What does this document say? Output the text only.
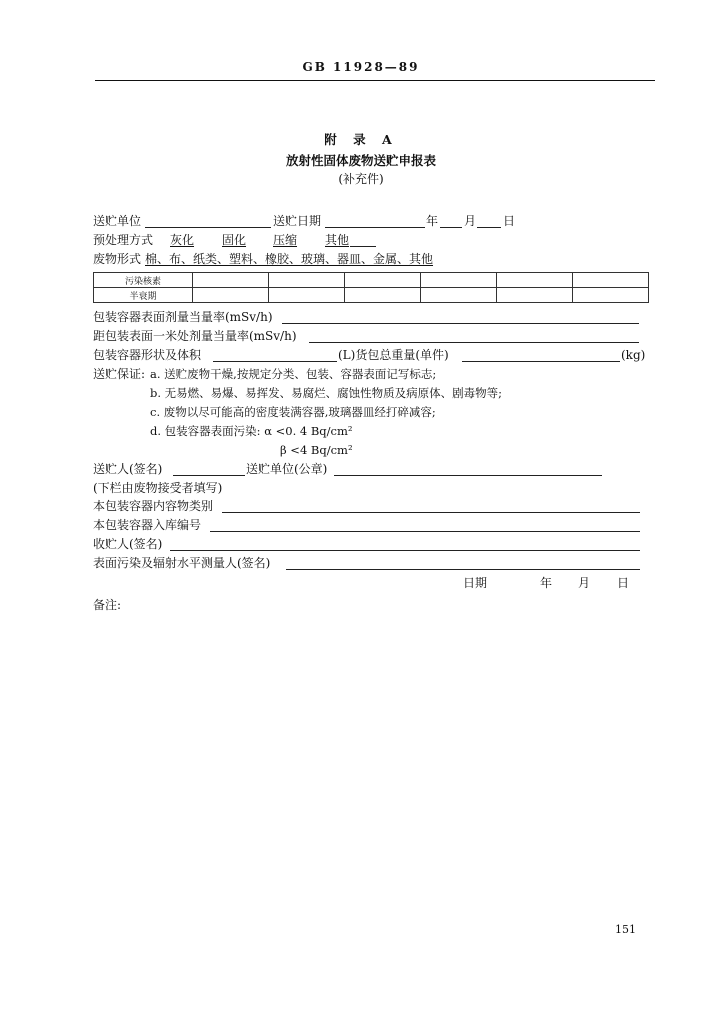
GB 11928—89
附 录 A
放射性固体废物送贮申报表
(补充件)
送贮单位	送贮日期	年 月 日
预处理方式 灰化 固化 压缩 其他
废物形式 棉、布、纸类、塑料、橡胶、玻璃、器皿、金属、其他
污染核素						
半衰期						
包装容器表面剂量当量率(mSv/h)
距包装表面一米处剂量当量率(mSv/h)
包装容器形状及体积	(L)货包总重量(单件)	(kg)
送贮保证: a. 送贮废物干燥,按规定分类、包装、容器表面记写标志;
b. 无易燃、易爆、易挥发、易腐烂、腐蚀性物质及病原体、剧毒物等;
c. 废物以尽可能高的密度装满容器,玻璃器皿经打碎减容;
d. 包装容器表面污染: α <0. 4 Bq/cm²
β <4 Bq/cm²
送贮人(签名)	送贮单位(公章)
(下栏由废物接受者填写)
本包装容器内容物类别
本包装容器入库编号
收贮人(签名)
表面污染及辐射水平测量人(签名)
日期	年 月 日
备注:
151
